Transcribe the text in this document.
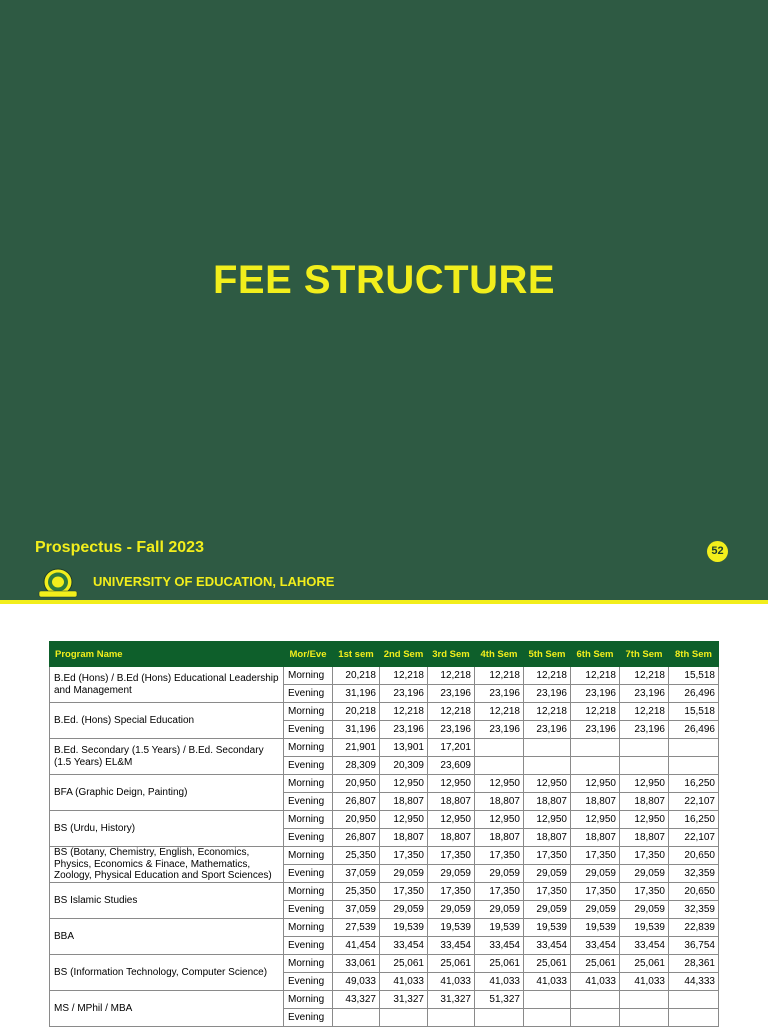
FEE STRUCTURE
Prospectus - Fall 2023	52
UNIVERSITY OF EDUCATION, LAHORE
Program Name	Mor/Eve	1st sem	2nd Sem	3rd Sem	4th Sem	5th Sem	6th Sem	7th Sem	8th Sem
B.Ed (Hons) / B.Ed (Hons) Educational Leadership and Management	Morning	20,218	12,218	12,218	12,218	12,218	12,218	12,218	15,518
	Evening	31,196	23,196	23,196	23,196	23,196	23,196	23,196	26,496
B.Ed. (Hons) Special Education	Morning	20,218	12,218	12,218	12,218	12,218	12,218	12,218	15,518
	Evening	31,196	23,196	23,196	23,196	23,196	23,196	23,196	26,496
B.Ed. Secondary (1.5 Years) / B.Ed. Secondary (1.5 Years) EL&M	Morning	21,901	13,901	17,201					
	Evening	28,309	20,309	23,609					
BFA (Graphic Deign, Painting)	Morning	20,950	12,950	12,950	12,950	12,950	12,950	12,950	16,250
	Evening	26,807	18,807	18,807	18,807	18,807	18,807	18,807	22,107
BS (Urdu, History)	Morning	20,950	12,950	12,950	12,950	12,950	12,950	12,950	16,250
	Evening	26,807	18,807	18,807	18,807	18,807	18,807	18,807	22,107
BS (Botany, Chemistry, English, Economics, Physics, Economics & Finace, Mathematics, Zoology, Physical Education and Sport Sciences)	Morning	25,350	17,350	17,350	17,350	17,350	17,350	17,350	20,650
	Evening	37,059	29,059	29,059	29,059	29,059	29,059	29,059	32,359
BS Islamic Studies	Morning	25,350	17,350	17,350	17,350	17,350	17,350	17,350	20,650
	Evening	37,059	29,059	29,059	29,059	29,059	29,059	29,059	32,359
BBA	Morning	27,539	19,539	19,539	19,539	19,539	19,539	19,539	22,839
	Evening	41,454	33,454	33,454	33,454	33,454	33,454	33,454	36,754
BS (Information Technology, Computer Science)	Morning	33,061	25,061	25,061	25,061	25,061	25,061	25,061	28,361
	Evening	49,033	41,033	41,033	41,033	41,033	41,033	41,033	44,333
MS / MPhil / MBA	Morning	43,327	31,327	31,327	51,327				
	Evening								
